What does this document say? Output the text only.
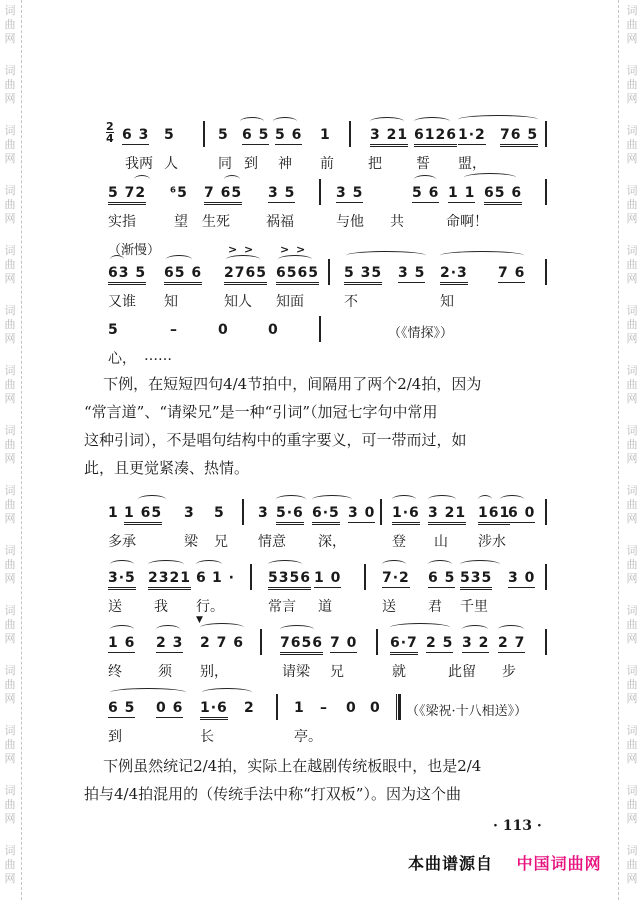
词
曲
网
词
曲
网
词
曲
网
词
曲
网
词
曲
网
词
曲
网
词
曲
网
词
曲
网
词
曲
网
词
曲
网
词
曲
网
词
曲
网
词
曲
网
词
曲
网
词
曲
网
词
曲
网
词
曲
网
词
曲
网
词
曲
网
词
曲
网
词
曲
网
词
曲
网
词
曲
网
词
曲
网
词
曲
网
词
曲
网
词
曲
网
词
曲
网
词
曲
网
词
曲
网
2
4 6 3 5	5 6 5 5 6 1	3 21 6126 1·2 76 5
我两 人	同 到 神 前 把 誓 盟，
5 72 ⁶5 7 65 3 5	3 5	5 6 1 1 65 6
实指	望 生死	祸福	与他 共	命啊！
（渐慢）	> > > >
63 5 65 6 2765 6565 5 35 3 5 2·3 7 6
又谁 知	知人 知面	不	知
5	–	0	0
心， ……
（《情探》）

下例，在短短四句4/4节拍中，间隔用了两个2/4拍，因为

“常言道”、“请梁兄”是一种“引词”（加冠七字句中常用

这种引词），不是唱句结构中的重字要义，可一带而过，如

此，且更觉紧凑、热情。

1 1 65 3 5 3 5·6 6·5 3 0 1·6 3 21 161
6 0
多承	梁 兄 情意 深，	登 山 涉水
3·5 2321 6 1 · 5356 1 0	7·2 6 5 535 3 0
送 我 行。	常言 道	送 君 千里
▼
1 6 2 3 2 7 6	7656 7 0 6·7 2 5 3 2 2 7
终	须 别，	请梁 兄	就	此留 步
6 5 0 6 1·6 2	1 – 0 0
到	长	亭。
（《梁祝·十八相送》）

下例虽然统记2/4拍，实际上在越剧传统板眼中，也是2/4

拍与4/4拍混用的（传统手法中称“打双板”）。因为这个曲

· 113 ·
本曲谱源自 中国词曲网
